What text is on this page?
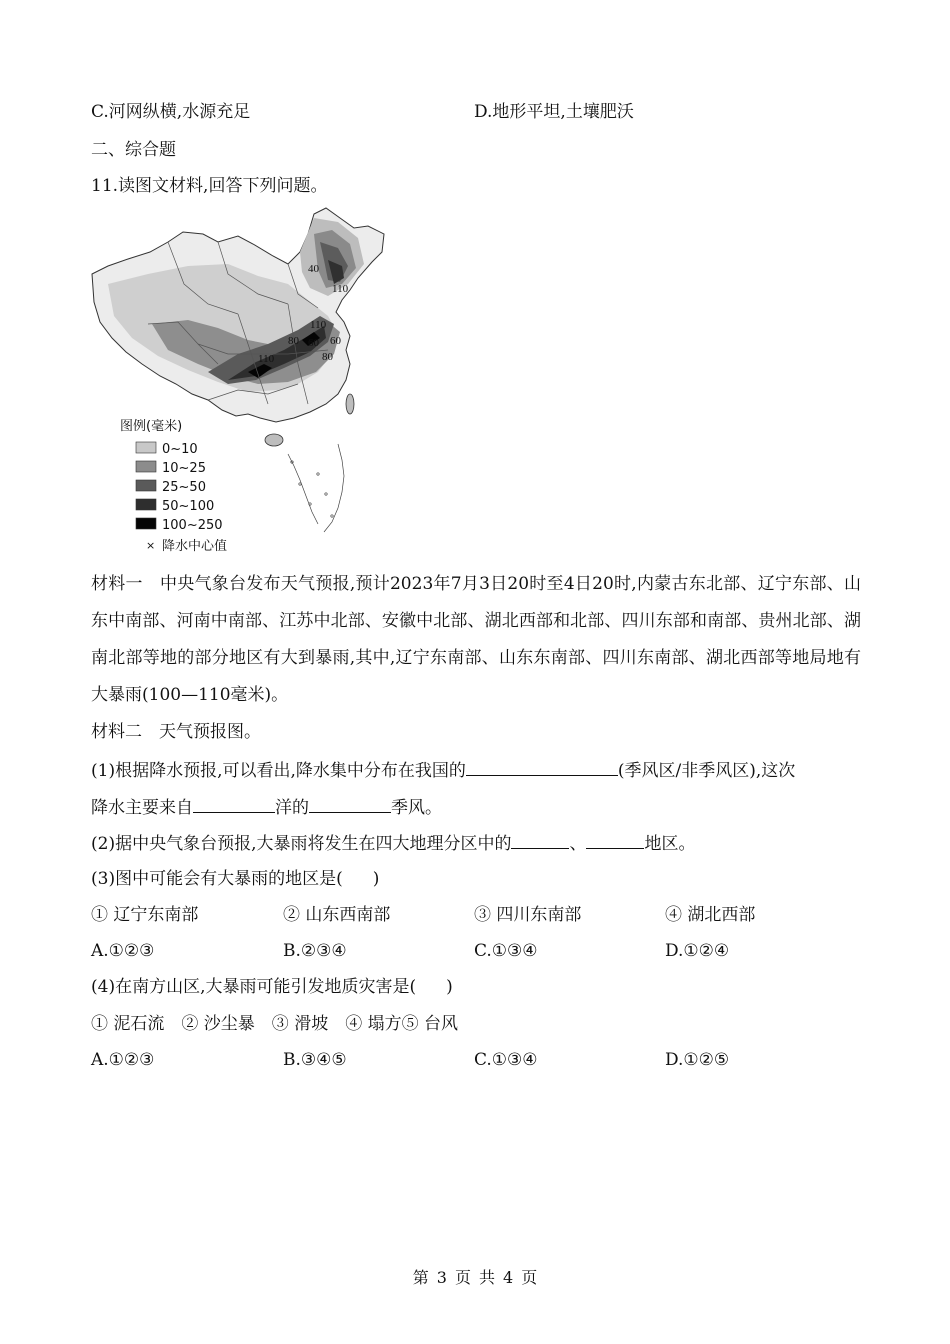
C.河网纵横,水源充足	D.地形平坦,土壤肥沃
二、综合题
11.读图文材料,回答下列问题。
40
110
110
80 60 60
80
110
图例(毫米)
0~10
10~25
25~50
50~100
100~250
× 降水中心值
材料一　中央气象台发布天气预报,预计2023年7月3日20时至4日20时,内蒙古东北部、辽宁东部、山东中南部、河南中南部、江苏中北部、安徽中北部、湖北西部和北部、四川东部和南部、贵州北部、湖南北部等地的部分地区有大到暴雨,其中,辽宁东南部、山东东南部、四川东南部、湖北西部等地局地有大暴雨(100—110毫米)。
材料二　天气预报图。
(1)根据降水预报,可以看出,降水集中分布在我国的	(季风区/非季风区),这次
降水主要来自	洋的	季风。
(2)据中央气象台预报,大暴雨将发生在四大地理分区中的	、	地区。
(3)图中可能会有大暴雨的地区是( )
① 辽宁东南部	② 山东西南部	③ 四川东南部	④ 湖北西部
A.①②③	B.②③④	C.①③④	D.①②④
(4)在南方山区,大暴雨可能引发地质灾害是( )
① 泥石流　② 沙尘暴　③ 滑坡　④ 塌方⑤ 台风
A.①②③	B.③④⑤	C.①③④	D.①②⑤
第 3 页 共 4 页
